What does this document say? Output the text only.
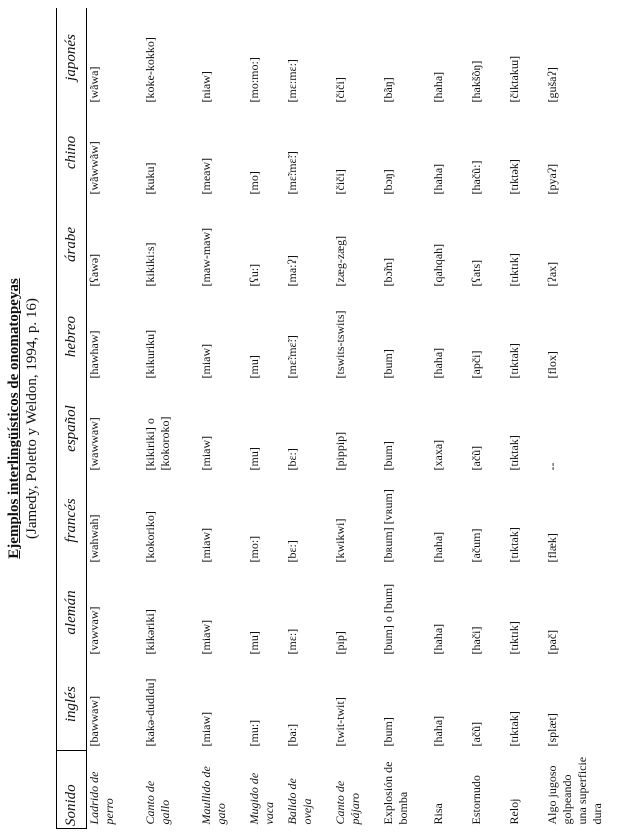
Ejemplos interlingüísticos de onomatopeyas (Jamedy, Poletto y Weldon, 1994, p. 16)
Sonido	inglés	alemán	francés	español	hebreo	árabe	chino	japonés
Ladrido de perro	[bawwaw]	[vawvaw]	[wahwah]	[wawwaw]	[hawhaw]	[ʕawə]	[wãwwãw]	[wãwa]
Canto de gallo	[kakə-dudldu]	[kikəriki]	[kokoriko]	[kikiriki] o [kokoroko]	[kikuriku]	[kikiki:s]	[kuku]	[koke-kokko]
Maullido de gato	[miaw]	[miaw]	[miaw]	[miaw]	[miaw]	[maw-maw]	[meaw]	[niaw]
Mugido de vaca	[mu:]	[mu]	[mo:]	[mu]	[mu]	[ʕu:]	[mo]	[mo:mo:]
Balido de oveja	[ba:]	[mɛ:]	[bɛ:]	[bɛ:]	[mɛ̃:mɛ̃:]	[ma:ʔ]	[mɛ̃:mɛ̃:]	[mɛ:mɛ:]
Canto de pájaro	[twit-twit]	[pip]	[kwikwi]	[pippip]	[tswits-tswits]	[zæg-zæg]	[čiči]	[čiči]
Explosión de bomba	[bum]	[bum] o [bum]	[bʀum] [vʀum]	[bum]	[bum]	[bɔ̃m]	[bɔŋ]	[bãŋ]
Risa	[haha]	[haha]	[haha]	[xaxa]	[haha]	[qahqah]	[haha]	[haha]
Estornudo	[ačũ]	[hači]	[ačum]	[ačũ]	[apči]	[ʕats]	[hačũ:]	[hakšõŋ]
Reloj	[tɪktak]	[tɪktɪk]	[tɪktak]	[tɪktak]	[tɪktak]	[tɪktɪk]	[tɪktək]	[čiktakɯ]
Algo jugoso golpeando una superficie dura	[splæt]	[pač]	[flæk]	--	[flox]	[ʔax]	[pyaʔ]	[gušaʔ]
